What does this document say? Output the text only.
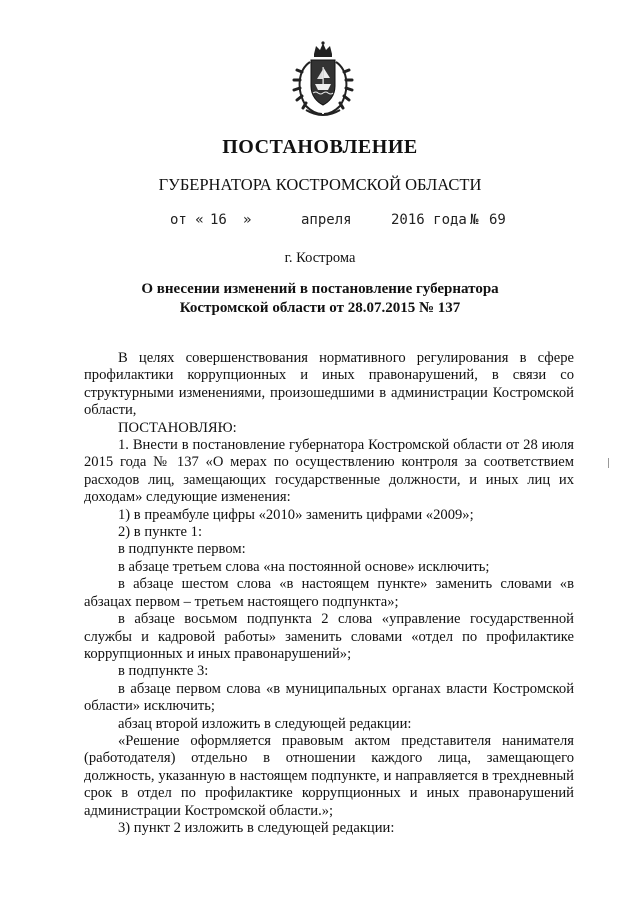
ПОСТАНОВЛЕНИЕ
ГУБЕРНАТОРА КОСТРОМСКОЙ ОБЛАСТИ
от « 16 »	апреля	2016 года № 69
г. Кострома
О внесении изменений в постановление губернатора
Костромской области от 28.07.2015 № 137

В целях совершенствования нормативного регулирования в сфере профилактики коррупционных и иных правонарушений, в связи со структурными изменениями, произошедшими в администрации Костромской области,

ПОСТАНОВЛЯЮ:

1. Внести в постановление губернатора Костромской области от 28 июля 2015 года № 137 «О мерах по осуществлению контроля за соответствием расходов лиц, замещающих государственные должности, и иных лиц их доходам» следующие изменения:

1) в преамбуле цифры «2010» заменить цифрами «2009»;

2) в пункте 1:

в подпункте первом:

в абзаце третьем слова «на постоянной основе» исключить;

в абзаце шестом слова «в настоящем пункте» заменить словами «в абзацах первом – третьем настоящего подпункта»;

в абзаце восьмом подпункта 2 слова «управление государственной службы и кадровой работы» заменить словами «отдел по профилактике коррупционных и иных правонарушений»;

в подпункте 3:

в абзаце первом слова «в муниципальных органах власти Костромской области» исключить;

абзац второй изложить в следующей редакции:

«Решение оформляется правовым актом представителя нанимателя (работодателя) отдельно в отношении каждого лица, замещающего должность, указанную в настоящем подпункте, и направляется в трехдневный срок в отдел по профилактике коррупционных и иных правонарушений администрации Костромской области.»;

3) пункт 2 изложить в следующей редакции:
